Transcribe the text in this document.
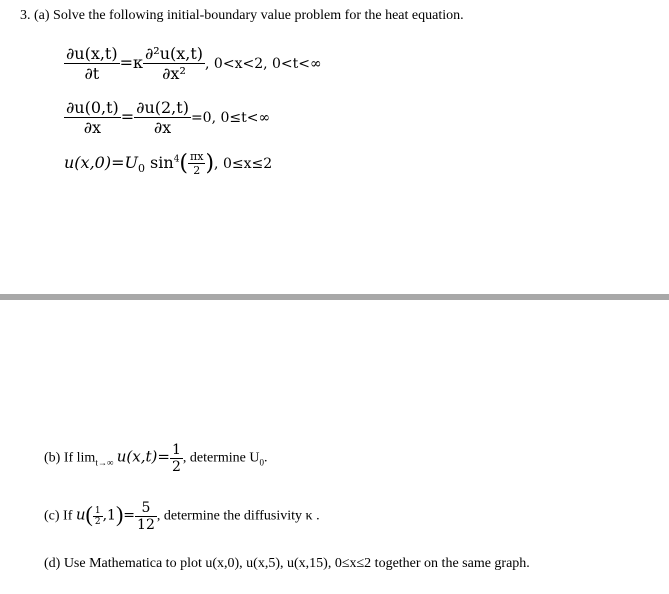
3. (a) Solve the following initial-boundary value problem for the heat equation.
$\frac{\partial u(x,t)}{\partial t} =\kappa \frac{\text{∂²u(x,t)}}{\text{∂x²}}$ , 0<x<2, 0<t<∞
$\frac{\partial u(0,t)}{\partial x} = \frac{\partial u(2,t)}{\partial x} =0$, 0≤t<∞
$u(x,0)=U_0$ $\sin^4( \frac{\pi x}{2}$ ), 0≤x≤2
(b) If $\lim_{t\to\infty} u(x,t)= \frac{1}{2}$ , determine $U_0$.
(c) If $u( \frac{1}{2} ,1)= \frac{5}{12}$ , determine the diffusivity κ .
(d) Use Mathematica to plot u(x,0), u(x,5), u(x,15), 0≤x≤2 together on the same graph.
